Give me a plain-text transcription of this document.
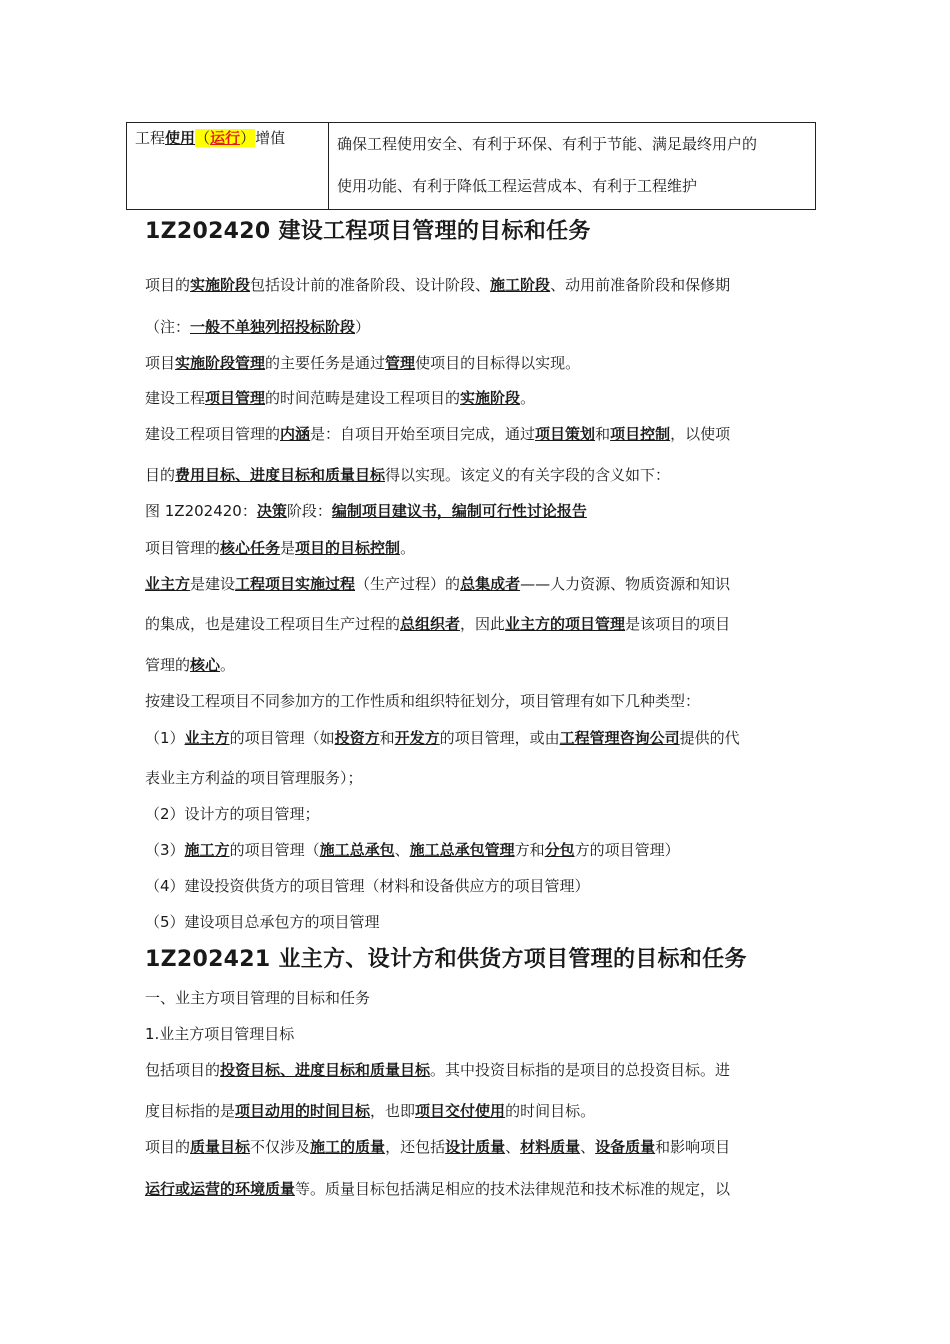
工程使用（运行）增值	确保工程使用安全、有利于环保、有利于节能、满足最终用户的
使用功能、有利于降低工程运营成本、有利于工程维护
1Z202420 建设工程项目管理的目标和任务
项目的实施阶段包括设计前的准备阶段、设计阶段、施工阶段、动用前准备阶段和保修期
（注：一般不单独列招投标阶段）
项目实施阶段管理的主要任务是通过管理使项目的目标得以实现。
建设工程项目管理的时间范畴是建设工程项目的实施阶段。
建设工程项目管理的内涵是：自项目开始至项目完成，通过项目策划和项目控制，以使项
目的费用目标、进度目标和质量目标得以实现。该定义的有关字段的含义如下：
图 1Z202420：决策阶段：编制项目建议书，编制可行性讨论报告
项目管理的核心任务是项目的目标控制。
业主方是建设工程项目实施过程（生产过程）的总集成者——人力资源、物质资源和知识
的集成，也是建设工程项目生产过程的总组织者，因此业主方的项目管理是该项目的项目
管理的核心。
按建设工程项目不同参加方的工作性质和组织特征划分，项目管理有如下几种类型：
（1）业主方的项目管理（如投资方和开发方的项目管理，或由工程管理咨询公司提供的代
表业主方利益的项目管理服务）；
（2）设计方的项目管理；
（3）施工方的项目管理（施工总承包、施工总承包管理方和分包方的项目管理）
（4）建设投资供货方的项目管理（材料和设备供应方的项目管理）
（5）建设项目总承包方的项目管理
1Z202421 业主方、设计方和供货方项目管理的目标和任务
一、业主方项目管理的目标和任务
1.业主方项目管理目标
包括项目的投资目标、进度目标和质量目标。其中投资目标指的是项目的总投资目标。进
度目标指的是项目动用的时间目标，也即项目交付使用的时间目标。
项目的质量目标不仅涉及施工的质量，还包括设计质量、材料质量、设备质量和影响项目
运行或运营的环境质量等。质量目标包括满足相应的技术法律规范和技术标准的规定，以
